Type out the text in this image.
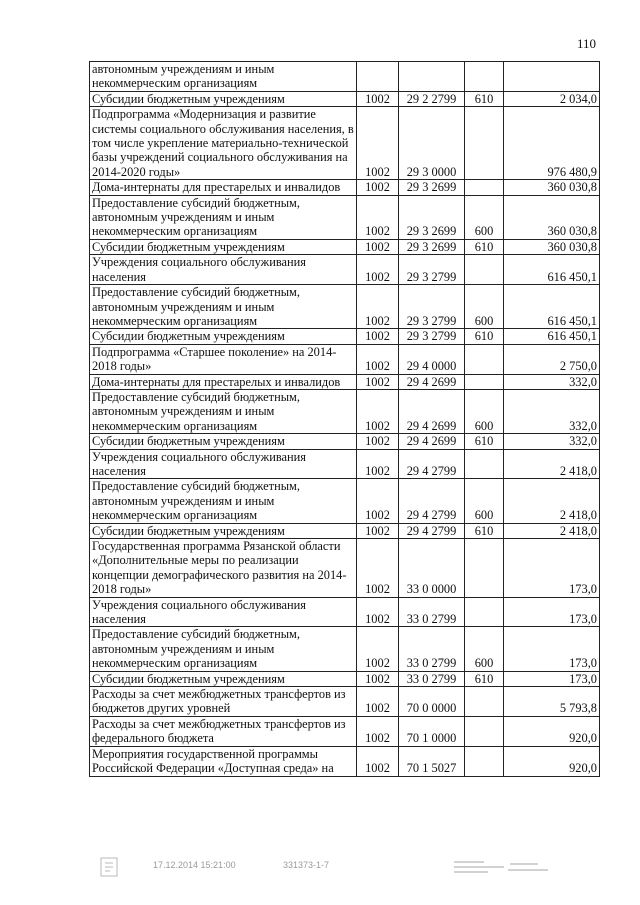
110
автономным учреждениям и иным некоммерческим организациям				
Субсидии бюджетным учреждениям	1002	29 2 2799	610	2 034,0
Подпрограмма «Модернизация и развитие системы социального обслуживания населения, в том числе укрепление материально-технической базы учреждений социального обслуживания на 2014-2020 годы»	1002	29 3 0000		976 480,9
Дома-интернаты для престарелых и инвалидов	1002	29 3 2699		360 030,8
Предоставление субсидий бюджетным, автономным учреждениям и иным некоммерческим организациям	1002	29 3 2699	600	360 030,8
Субсидии бюджетным учреждениям	1002	29 3 2699	610	360 030,8
Учреждения социального обслуживания населения	1002	29 3 2799		616 450,1
Предоставление субсидий бюджетным, автономным учреждениям и иным некоммерческим организациям	1002	29 3 2799	600	616 450,1
Субсидии бюджетным учреждениям	1002	29 3 2799	610	616 450,1
Подпрограмма «Старшее поколение» на 2014-2018 годы»	1002	29 4 0000		2 750,0
Дома-интернаты для престарелых и инвалидов	1002	29 4 2699		332,0
Предоставление субсидий бюджетным, автономным учреждениям и иным некоммерческим организациям	1002	29 4 2699	600	332,0
Субсидии бюджетным учреждениям	1002	29 4 2699	610	332,0
Учреждения социального обслуживания населения	1002	29 4 2799		2 418,0
Предоставление субсидий бюджетным, автономным учреждениям и иным некоммерческим организациям	1002	29 4 2799	600	2 418,0
Субсидии бюджетным учреждениям	1002	29 4 2799	610	2 418,0
Государственная программа Рязанской области «Дополнительные меры по реализации концепции демографического развития на 2014-2018 годы»	1002	33 0 0000		173,0
Учреждения социального обслуживания населения	1002	33 0 2799		173,0
Предоставление субсидий бюджетным, автономным учреждениям и иным некоммерческим организациям	1002	33 0 2799	600	173,0
Субсидии бюджетным учреждениям	1002	33 0 2799	610	173,0
Расходы за счет межбюджетных трансфертов из бюджетов других уровней	1002	70 0 0000		5 793,8
Расходы за счет межбюджетных трансфертов из федерального бюджета	1002	70 1 0000		920,0
Мероприятия государственной программы Российской Федерации «Доступная среда» на	1002	70 1 5027		920,0
17.12.2014 15:21:00	331373-1-7
